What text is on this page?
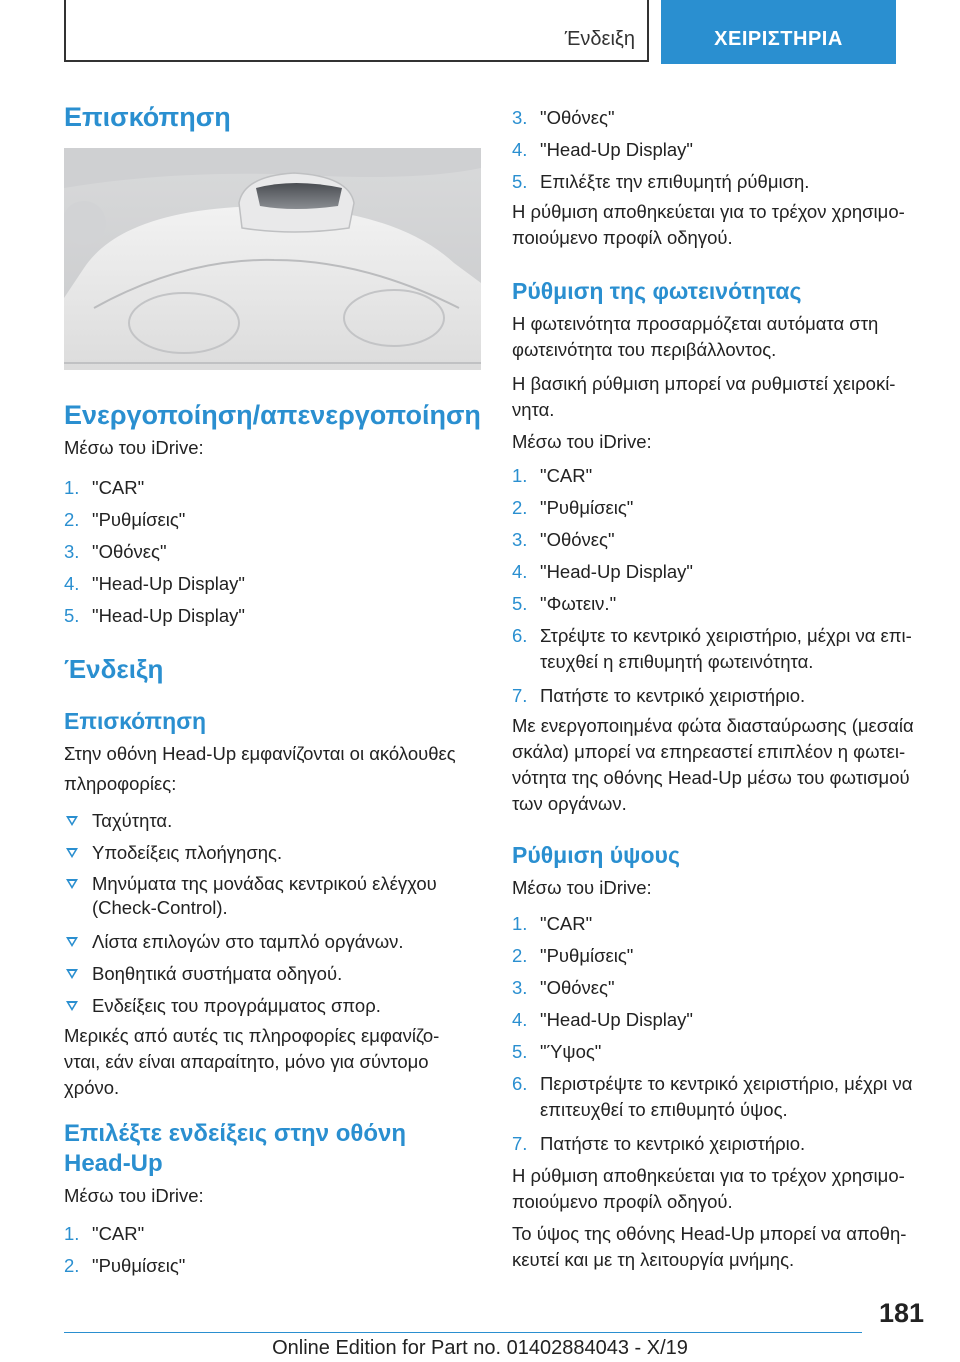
Ένδειξη	ΧΕΙΡΙΣΤΗΡΙΑ
Επισκόπηση
Ενεργοποίηση/απενεργοποίηση
Μέσω του iDrive:
1. "CAR"
2. "Ρυθμίσεις"
3. "Οθόνες"
4. "Head-Up Display"
5. "Head-Up Display"
Ένδειξη
Επισκόπηση
Στην οθόνη Head-Up εμφανίζονται οι ακόλουθες
πληροφορίες:
Ταχύτητα.
Υποδείξεις πλοήγησης.
Μηνύματα της μονάδας κεντρικού ελέγχου
(Check-Control).
Λίστα επιλογών στο ταμπλό οργάνων.
Βοηθητικά συστήματα οδηγού.
Ενδείξεις του προγράμματος σπορ.
Μερικές από αυτές τις πληροφορίες εμφανίζο-
νται, εάν είναι απαραίτητο, μόνο για σύντομο
χρόνο.
Επιλέξτε ενδείξεις στην οθόνη
Head-Up
Μέσω του iDrive:
1. "CAR"
2. "Ρυθμίσεις"
3. "Οθόνες"
4. "Head-Up Display"
5. Επιλέξτε την επιθυμητή ρύθμιση.
Η ρύθμιση αποθηκεύεται για το τρέχον χρησιμο-
ποιούμενο προφίλ οδηγού.
Ρύθμιση της φωτεινότητας
Η φωτεινότητα προσαρμόζεται αυτόματα στη
φωτεινότητα του περιβάλλοντος.
Η βασική ρύθμιση μπορεί να ρυθμιστεί χειροκί-
νητα.
Μέσω του iDrive:
1. "CAR"
2. "Ρυθμίσεις"
3. "Οθόνες"
4. "Head-Up Display"
5. "Φωτειν."
6. Στρέψτε το κεντρικό χειριστήριο, μέχρι να επι-
τευχθεί η επιθυμητή φωτεινότητα.
7. Πατήστε το κεντρικό χειριστήριο.
Με ενεργοποιημένα φώτα διασταύρωσης (μεσαία
σκάλα) μπορεί να επηρεαστεί επιπλέον η φωτει-
νότητα της οθόνης Head-Up μέσω του φωτισμού
των οργάνων.
Ρύθμιση ύψους
Μέσω του iDrive:
1. "CAR"
2. "Ρυθμίσεις"
3. "Οθόνες"
4. "Head-Up Display"
5. "Ύψος"
6. Περιστρέψτε το κεντρικό χειριστήριο, μέχρι να
επιτευχθεί το επιθυμητό ύψος.
7. Πατήστε το κεντρικό χειριστήριο.
Η ρύθμιση αποθηκεύεται για το τρέχον χρησιμο-
ποιούμενο προφίλ οδηγού.
Το ύψος της οθόνης Head-Up μπορεί να αποθη-
κευτεί και με τη λειτουργία μνήμης.
181
Online Edition for Part no. 01402884043 - X/19
